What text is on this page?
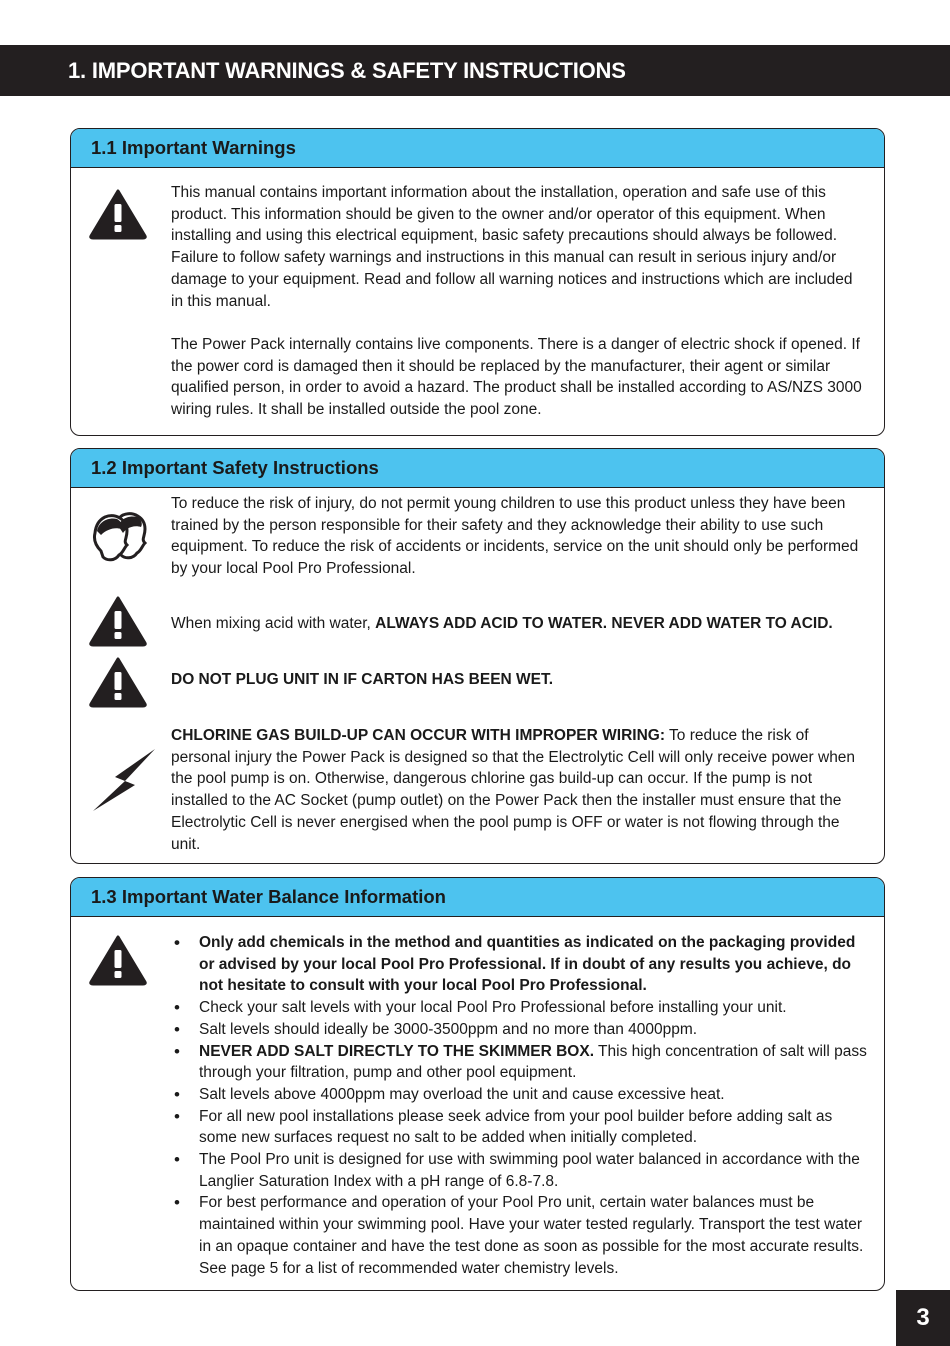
1. IMPORTANT WARNINGS & SAFETY INSTRUCTIONS
1.1 Important Warnings
This manual contains important information about the installation, operation and safe use of this product. This information should be given to the owner and/or operator of this equipment. When installing and using this electrical equipment, basic safety precautions should always be followed. Failure to follow safety warnings and instructions in this manual can result in serious injury and/or damage to your equipment. Read and follow all warning notices and instructions which are included in this manual.
The Power Pack internally contains live components. There is a danger of electric shock if opened. If the power cord is damaged then it should be replaced by the manufacturer, their agent or similar qualified person, in order to avoid a hazard. The product shall be installed according to AS/NZS 3000 wiring rules. It shall be installed outside the pool zone.
1.2 Important Safety Instructions
To reduce the risk of injury, do not permit young children to use this product unless they have been trained by the person responsible for their safety and they acknowledge their ability to use such equipment. To reduce the risk of accidents or incidents, service on the unit should only be performed by your local Pool Pro Professional.
When mixing acid with water, ALWAYS ADD ACID TO WATER. NEVER ADD WATER TO ACID.
DO NOT PLUG UNIT IN IF CARTON HAS BEEN WET.
CHLORINE GAS BUILD-UP CAN OCCUR WITH IMPROPER WIRING: To reduce the risk of personal injury the Power Pack is designed so that the Electrolytic Cell will only receive power when the pool pump is on. Otherwise, dangerous chlorine gas build-up can occur. If the pump is not installed to the AC Socket (pump outlet) on the Power Pack then the installer must ensure that the Electrolytic Cell is never energised when the pool pump is OFF or water is not flowing through the unit.
1.3 Important Water Balance Information
• Only add chemicals in the method and quantities as indicated on the packaging provided or advised by your local Pool Pro Professional. If in doubt of any results you achieve, do not hesitate to consult with your local Pool Pro Professional.
• Check your salt levels with your local Pool Pro Professional before installing your unit.
• Salt levels should ideally be 3000-3500ppm and no more than 4000ppm.
• NEVER ADD SALT DIRECTLY TO THE SKIMMER BOX. This high concentration of salt will pass through your filtration, pump and other pool equipment.
• Salt levels above 4000ppm may overload the unit and cause excessive heat.
• For all new pool installations please seek advice from your pool builder before adding salt as some new surfaces request no salt to be added when initially completed.
• The Pool Pro unit is designed for use with swimming pool water balanced in accordance with the Langlier Saturation Index with a pH range of 6.8-7.8.
• For best performance and operation of your Pool Pro unit, certain water balances must be maintained within your swimming pool. Have your water tested regularly. Transport the test water in an opaque container and have the test done as soon as possible for the most accurate results. See page 5 for a list of recommended water chemistry levels.
3
